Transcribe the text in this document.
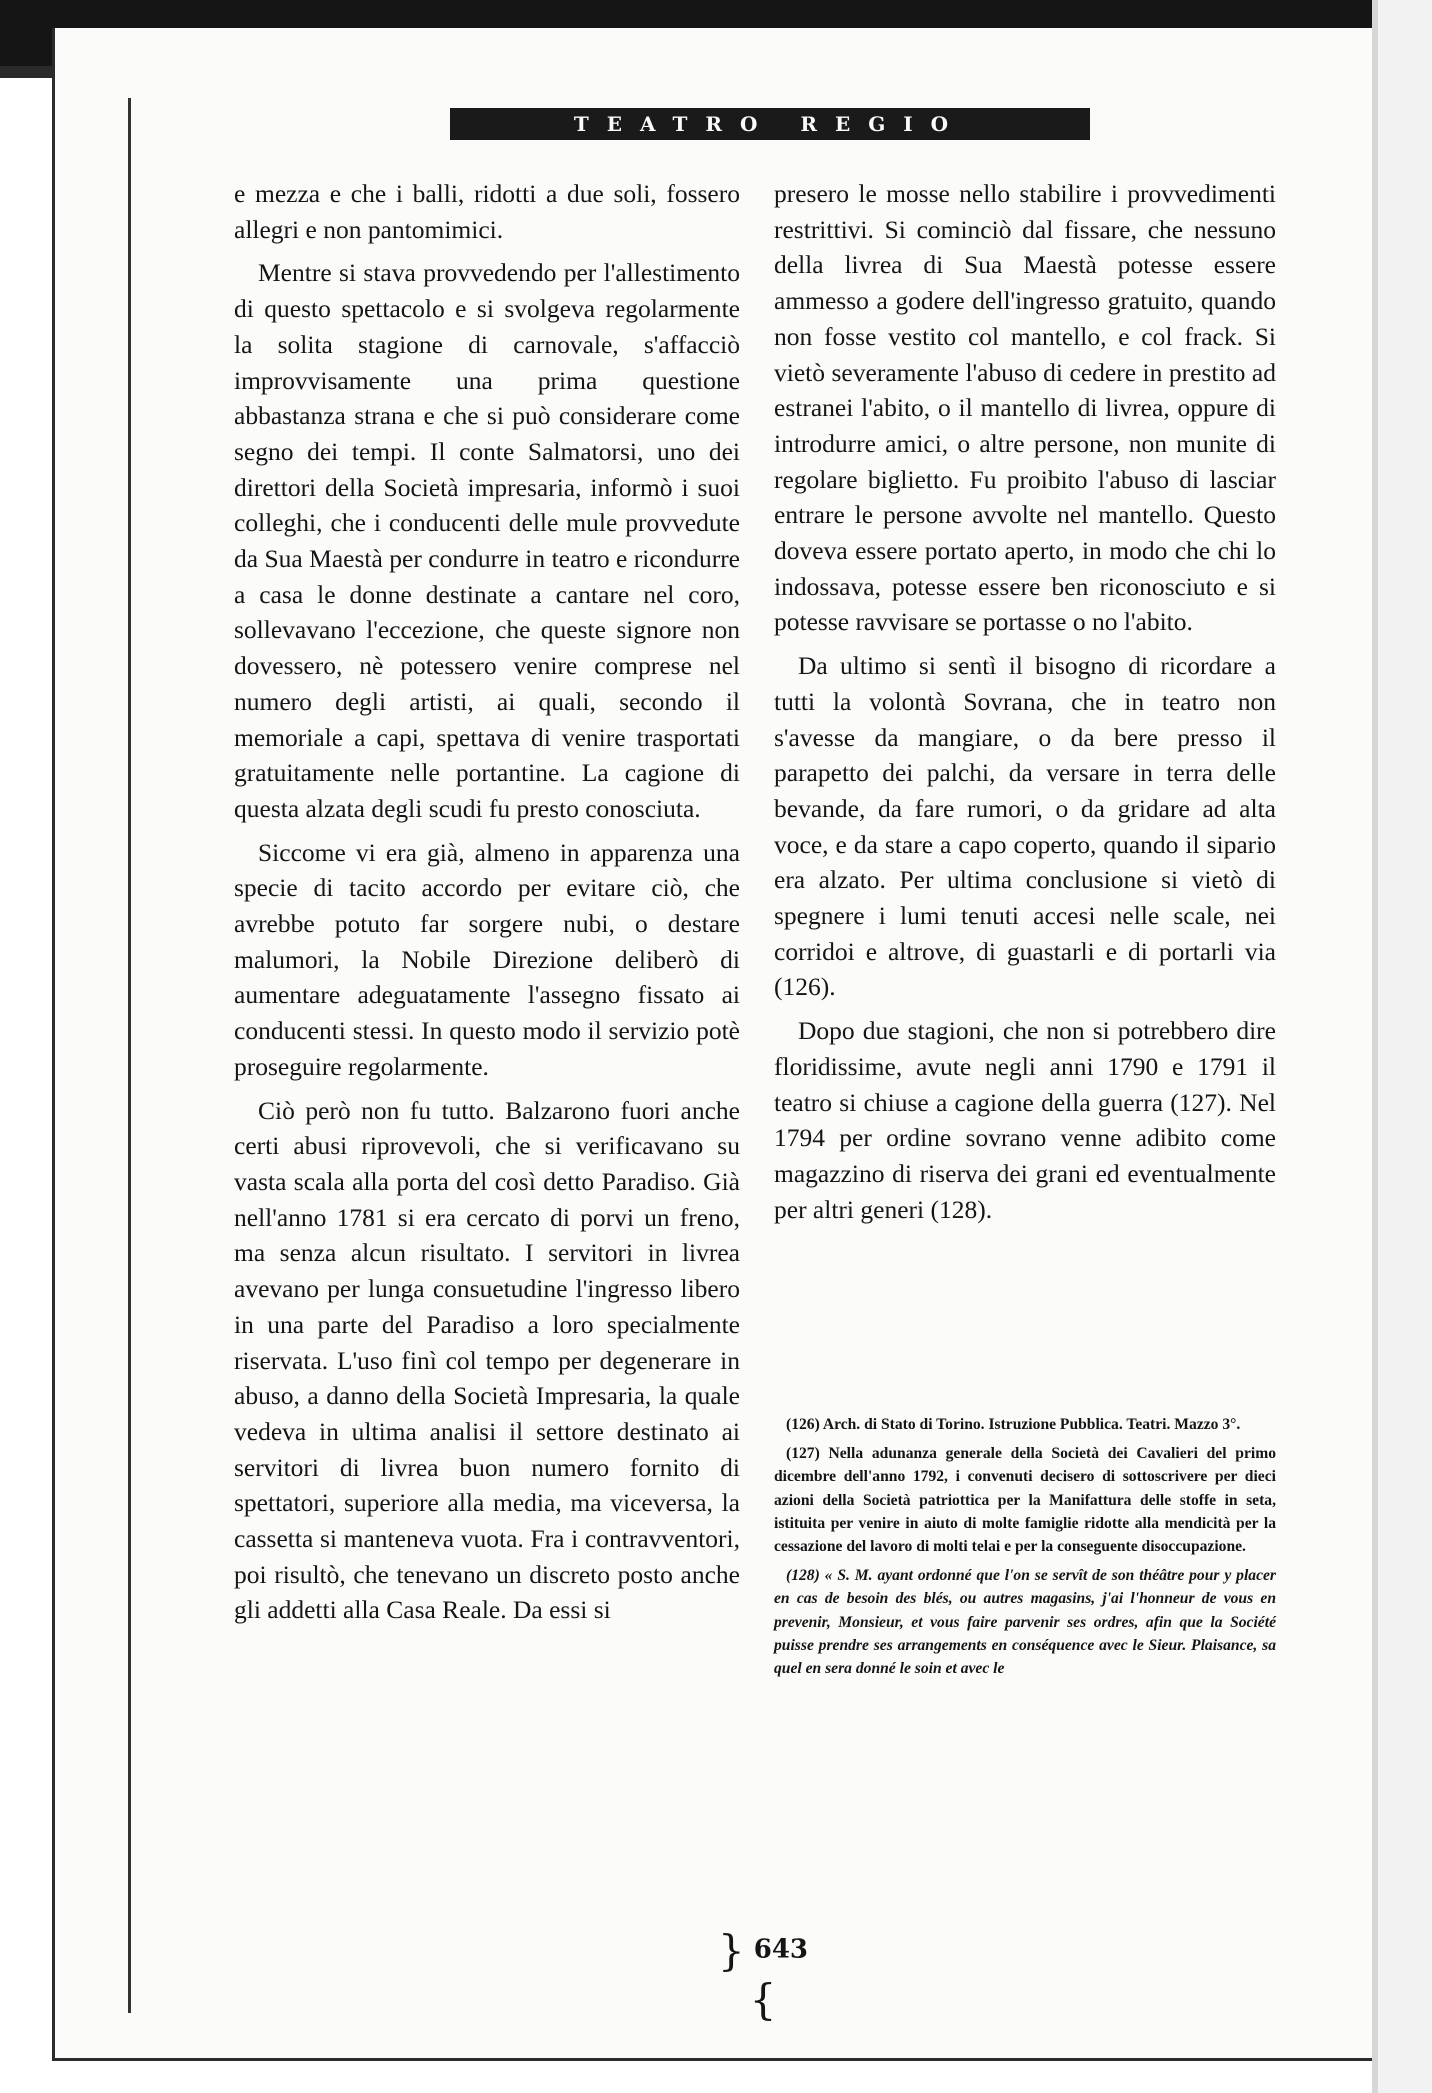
TEATRO REGIO

e mezza e che i balli, ridotti a due soli, fossero allegri e non pantomimici.

Mentre si stava provvedendo per l'allestimento di questo spettacolo e si svolgeva regolarmente la solita stagione di carnovale, s'affacciò improvvisamente una prima questione abbastanza strana e che si può considerare come segno dei tempi. Il conte Salmatorsi, uno dei direttori della Società impresaria, informò i suoi colleghi, che i conducenti delle mule provvedute da Sua Maestà per condurre in teatro e ricondurre a casa le donne destinate a cantare nel coro, sollevavano l'eccezione, che queste signore non dovessero, nè potessero venire comprese nel numero degli artisti, ai quali, secondo il memoriale a capi, spettava di venire trasportati gratuitamente nelle portantine. La cagione di questa alzata degli scudi fu presto conosciuta.

Siccome vi era già, almeno in apparenza una specie di tacito accordo per evitare ciò, che avrebbe potuto far sorgere nubi, o destare malumori, la Nobile Direzione deliberò di aumentare adeguatamente l'assegno fissato ai conducenti stessi. In questo modo il servizio potè proseguire regolarmente.

Ciò però non fu tutto. Balzarono fuori anche certi abusi riprovevoli, che si verificavano su vasta scala alla porta del così detto Paradiso. Già nell'anno 1781 si era cercato di porvi un freno, ma senza alcun risultato. I servitori in livrea avevano per lunga consuetudine l'ingresso libero in una parte del Paradiso a loro specialmente riservata. L'uso finì col tempo per degenerare in abuso, a danno della Società Impresaria, la quale vedeva in ultima analisi il settore destinato ai servitori di livrea buon numero fornito di spettatori, superiore alla media, ma viceversa, la cassetta si manteneva vuota. Fra i contravventori, poi risultò, che tenevano un discreto posto anche gli addetti alla Casa Reale. Da essi si

presero le mosse nello stabilire i provvedimenti restrittivi. Si cominciò dal fissare, che nessuno della livrea di Sua Maestà potesse essere ammesso a godere dell'ingresso gratuito, quando non fosse vestito col mantello, e col frack. Si vietò severamente l'abuso di cedere in prestito ad estranei l'abito, o il mantello di livrea, oppure di introdurre amici, o altre persone, non munite di regolare biglietto. Fu proibito l'abuso di lasciar entrare le persone avvolte nel mantello. Questo doveva essere portato aperto, in modo che chi lo indossava, potesse essere ben riconosciuto e si potesse ravvisare se portasse o no l'abito.

Da ultimo si sentì il bisogno di ricordare a tutti la volontà Sovrana, che in teatro non s'avesse da mangiare, o da bere presso il parapetto dei palchi, da versare in terra delle bevande, da fare rumori, o da gridare ad alta voce, e da stare a capo coperto, quando il sipario era alzato. Per ultima conclusione si vietò di spegnere i lumi tenuti accesi nelle scale, nei corridoi e altrove, di guastarli e di portarli via (126).

Dopo due stagioni, che non si potrebbero dire floridissime, avute negli anni 1790 e 1791 il teatro si chiuse a cagione della guerra (127). Nel 1794 per ordine sovrano venne adibito come magazzino di riserva dei grani ed eventualmente per altri generi (128).

(126) Arch. di Stato di Torino. Istruzione Pubblica. Teatri. Mazzo 3°.

(127) Nella adunanza generale della Società dei Cavalieri del primo dicembre dell'anno 1792, i convenuti decisero di sottoscrivere per dieci azioni della Società patriottica per la Manifattura delle stoffe in seta, istituita per venire in aiuto di molte famiglie ridotte alla mendicità per la cessazione del lavoro di molti telai e per la conseguente disoccupazione.

(128) « S. M. ayant ordonné que l'on se servît de son théâtre pour y placer en cas de besoin des blés, ou autres magasins, j'ai l'honneur de vous en prevenir, Monsieur, et vous faire parvenir ses ordres, afin que la Société puisse prendre ses arrangements en conséquence avec le Sieur. Plaisance, sa quel en sera donné le soin et avec le

} 643 {
